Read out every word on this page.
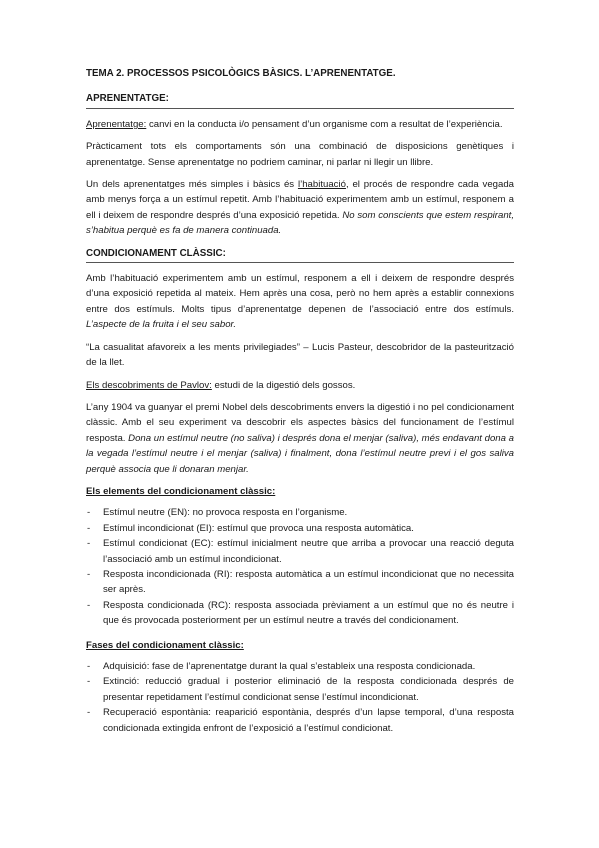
TEMA 2. PROCESSOS PSICOLÒGICS BÀSICS. L’APRENENTATGE.
APRENENTATGE:

Aprenentatge: canvi en la conducta i/o pensament d’un organisme com a resultat de l’experiència.

Pràcticament tots els comportaments són una combinació de disposicions genètiques i aprenentatge. Sense aprenentatge no podriem caminar, ni parlar ni llegir un llibre.

Un dels aprenentatges més simples i bàsics és l’habituació, el procés de respondre cada vegada amb menys força a un estímul repetit. Amb l’habituació experimentem amb un estímul, responem a ell i deixem de respondre després d’una exposició repetida. No som conscients que estem respirant, s’habitua perquè es fa de manera continuada.

CONDICIONAMENT CLÀSSIC:

Amb l’habituació experimentem amb un estímul, responem a ell i deixem de respondre després d’una exposició repetida al mateix. Hem après una cosa, però no hem après a establir connexions entre dos estímuls. Molts tipus d’aprenentatge depenen de l’associació entre dos estímuls. L’aspecte de la fruita i el seu sabor.

“La casualitat afavoreix a les ments privilegiades” – Lucis Pasteur, descobridor de la pasteurització de la llet.

Els descobriments de Pavlov: estudi de la digestió dels gossos.

L’any 1904 va guanyar el premi Nobel dels descobriments envers la digestió i no pel condicionament clàssic. Amb el seu experiment va descobrir els aspectes bàsics del funcionament de l’estímul resposta. Dona un estímul neutre (no saliva) i després dona el menjar (saliva), més endavant dona a la vegada l’estímul neutre i el menjar (saliva) i finalment, dona l’estímul neutre previ i el gos saliva perquè associa que li donaran menjar.

Els elements del condicionament clàssic:
- Estímul neutre (EN): no provoca resposta en l’organisme.
- Estímul incondicionat (EI): estímul que provoca una resposta automàtica.
- Estímul condicionat (EC): estímul inicialment neutre que arriba a provocar una reacció deguta l’associació amb un estímul incondicionat.
- Resposta incondicionada (RI): resposta automàtica a un estímul incondicionat que no necessita ser après.
- Resposta condicionada (RC): resposta associada prèviament a un estímul que no és neutre i que és provocada posteriorment per un estímul neutre a través del condicionament.
Fases del condicionament clàssic:
- Adquisició: fase de l’aprenentatge durant la qual s’estableix una resposta condicionada.
- Extinció: reducció gradual i posterior eliminació de la resposta condicionada després de presentar repetidament l’estímul condicionat sense l’estímul incondicionat.
- Recuperació espontània: reaparició espontània, després d’un lapse temporal, d’una resposta condicionada extingida enfront de l’exposició a l’estímul condicionat.
